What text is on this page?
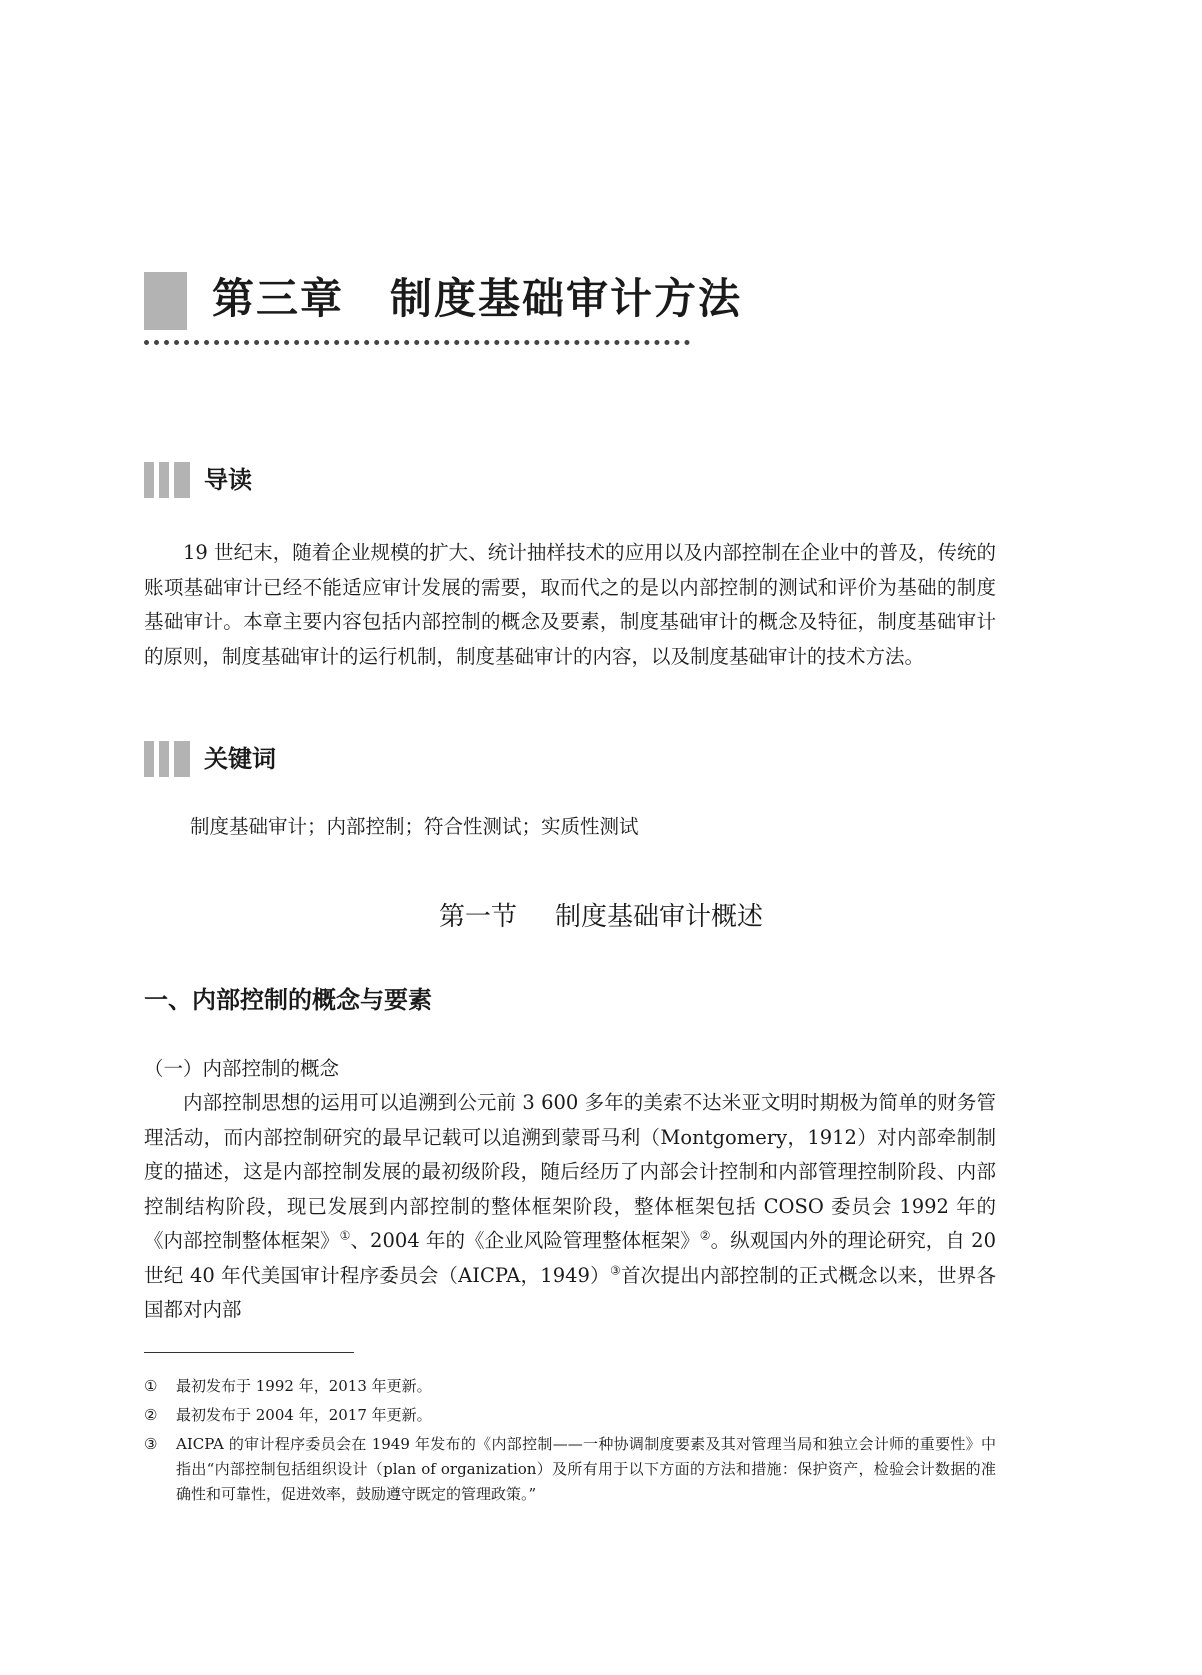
第三章 制度基础审计方法
导读

19 世纪末，随着企业规模的扩大、统计抽样技术的应用以及内部控制在企业中的普及，传统的账项基础审计已经不能适应审计发展的需要，取而代之的是以内部控制的测试和评价为基础的制度基础审计。本章主要内容包括内部控制的概念及要素，制度基础审计的概念及特征，制度基础审计的原则，制度基础审计的运行机制，制度基础审计的内容，以及制度基础审计的技术方法。

关键词
制度基础审计；内部控制；符合性测试；实质性测试
第一节 制度基础审计概述
一、内部控制的概念与要素
（一）内部控制的概念

内部控制思想的运用可以追溯到公元前 3 600 多年的美索不达米亚文明时期极为简单的财务管理活动，而内部控制研究的最早记载可以追溯到蒙哥马利（Montgomery，1912）对内部牵制制度的描述，这是内部控制发展的最初级阶段，随后经历了内部会计控制和内部管理控制阶段、内部控制结构阶段，现已发展到内部控制的整体框架阶段，整体框架包括 COSO 委员会 1992 年的《内部控制整体框架》①、2004 年的《企业风险管理整体框架》②。纵观国内外的理论研究，自 20 世纪 40 年代美国审计程序委员会（AICPA，1949）③首次提出内部控制的正式概念以来，世界各国都对内部

① 最初发布于 1992 年，2013 年更新。
② 最初发布于 2004 年，2017 年更新。
③ AICPA 的审计程序委员会在 1949 年发布的《内部控制——一种协调制度要素及其对管理当局和独立会计师的重要性》中指出“内部控制包括组织设计（plan of organization）及所有用于以下方面的方法和措施：保护资产，检验会计数据的准确性和可靠性，促进效率，鼓励遵守既定的管理政策。”
